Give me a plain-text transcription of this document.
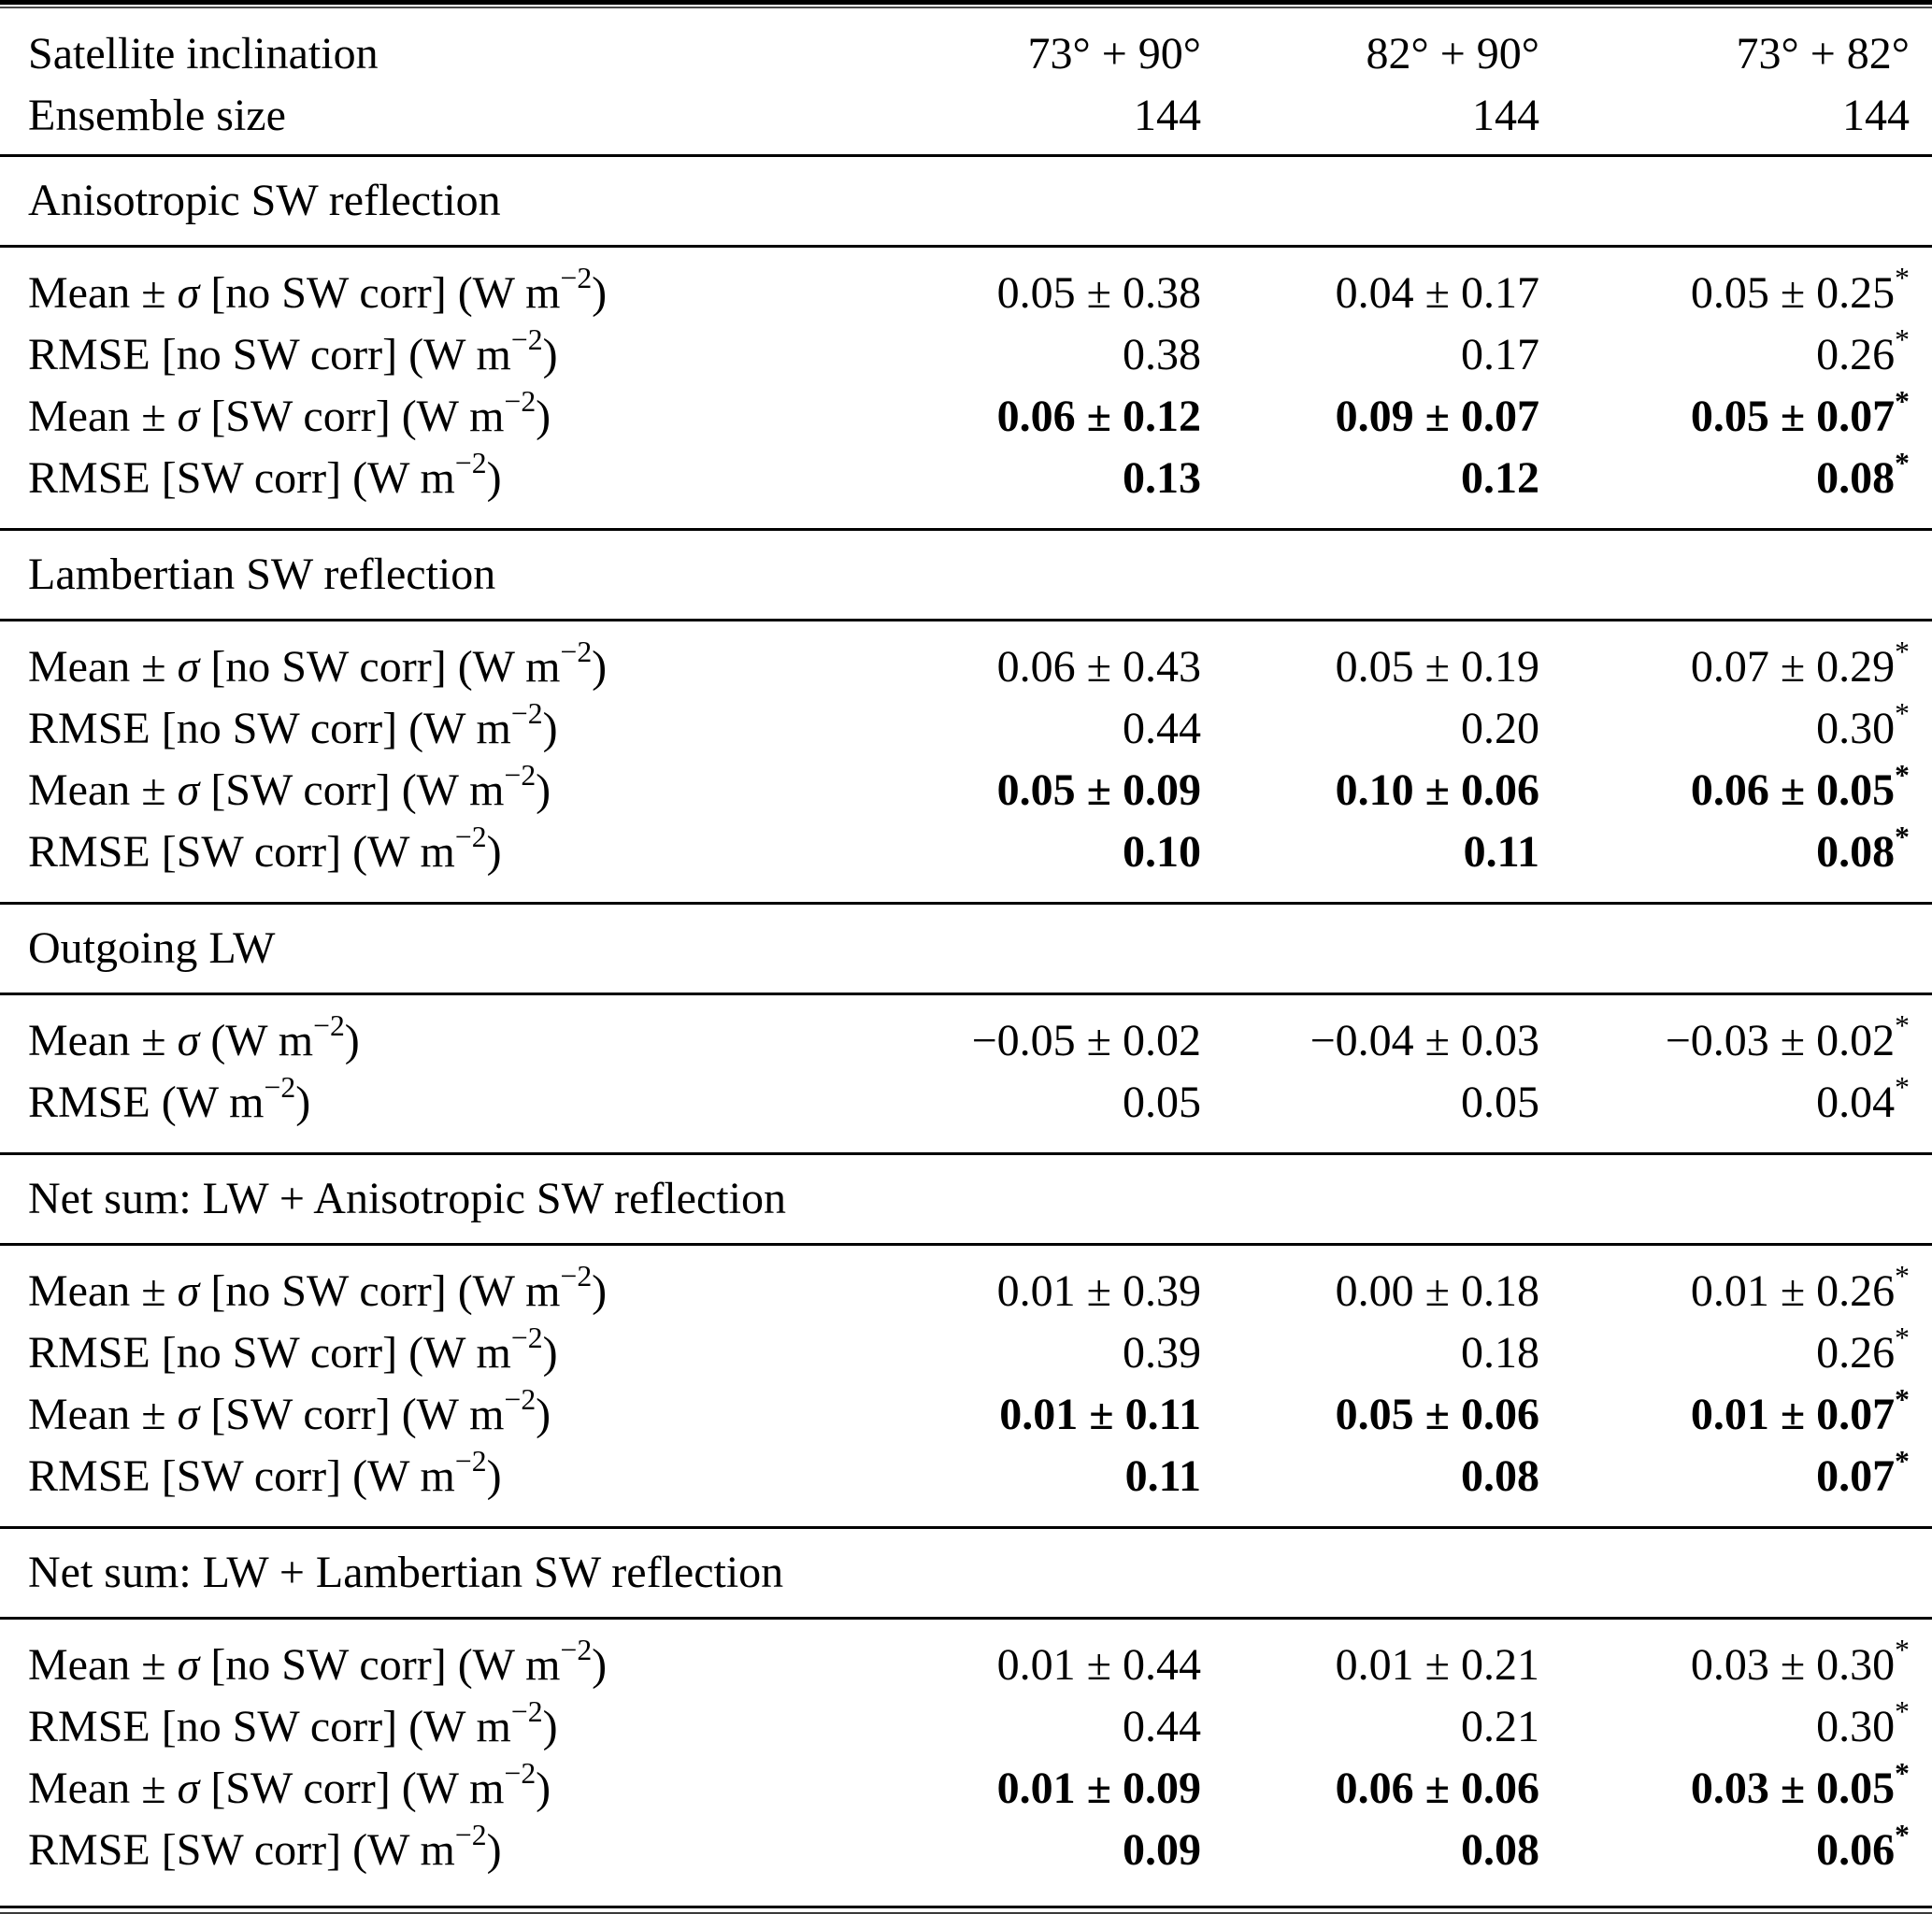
Satellite inclination	73° + 90°	82° + 90°	73° + 82°
Ensemble size	144	144	144
Anisotropic SW reflection
Mean ± σ [no SW corr] (W $m^{-2}$)	0.05 ± 0.38	0.04 ± 0.17	0.05 ± 0.25*
RMSE [no SW corr] (W $m^{-2}$)	0.38	0.17	0.26*
Mean ± σ [SW corr] (W $m^{-2}$)	0.06 ± 0.12	0.09 ± 0.07	0.05 ± 0.07*
RMSE [SW corr] (W $m^{-2}$)	0.13	0.12	0.08*
Lambertian SW reflection
Mean ± σ [no SW corr] (W $m^{-2}$)	0.06 ± 0.43	0.05 ± 0.19	0.07 ± 0.29*
RMSE [no SW corr] (W $m^{-2}$)	0.44	0.20	0.30*
Mean ± σ [SW corr] (W $m^{-2}$)	0.05 ± 0.09	0.10 ± 0.06	0.06 ± 0.05*
RMSE [SW corr] (W $m^{-2}$)	0.10	0.11	0.08*
Outgoing LW
Mean ± σ (W $m^{-2}$)	−0.05 ± 0.02	−0.04 ± 0.03	−0.03 ± 0.02*
RMSE (W $m^{-2}$)	0.05	0.05	0.04*
Net sum: LW + Anisotropic SW reflection
Mean ± σ [no SW corr] (W $m^{-2}$)	0.01 ± 0.39	0.00 ± 0.18	0.01 ± 0.26*
RMSE [no SW corr] (W $m^{-2}$)	0.39	0.18	0.26*
Mean ± σ [SW corr] (W $m^{-2}$)	0.01 ± 0.11	0.05 ± 0.06	0.01 ± 0.07*
RMSE [SW corr] (W $m^{-2}$)	0.11	0.08	0.07*
Net sum: LW + Lambertian SW reflection
Mean ± σ [no SW corr] (W $m^{-2}$)	0.01 ± 0.44	0.01 ± 0.21	0.03 ± 0.30*
RMSE [no SW corr] (W $m^{-2}$)	0.44	0.21	0.30*
Mean ± σ [SW corr] (W $m^{-2}$)	0.01 ± 0.09	0.06 ± 0.06	0.03 ± 0.05*
RMSE [SW corr] (W $m^{-2}$)	0.09	0.08	0.06*
